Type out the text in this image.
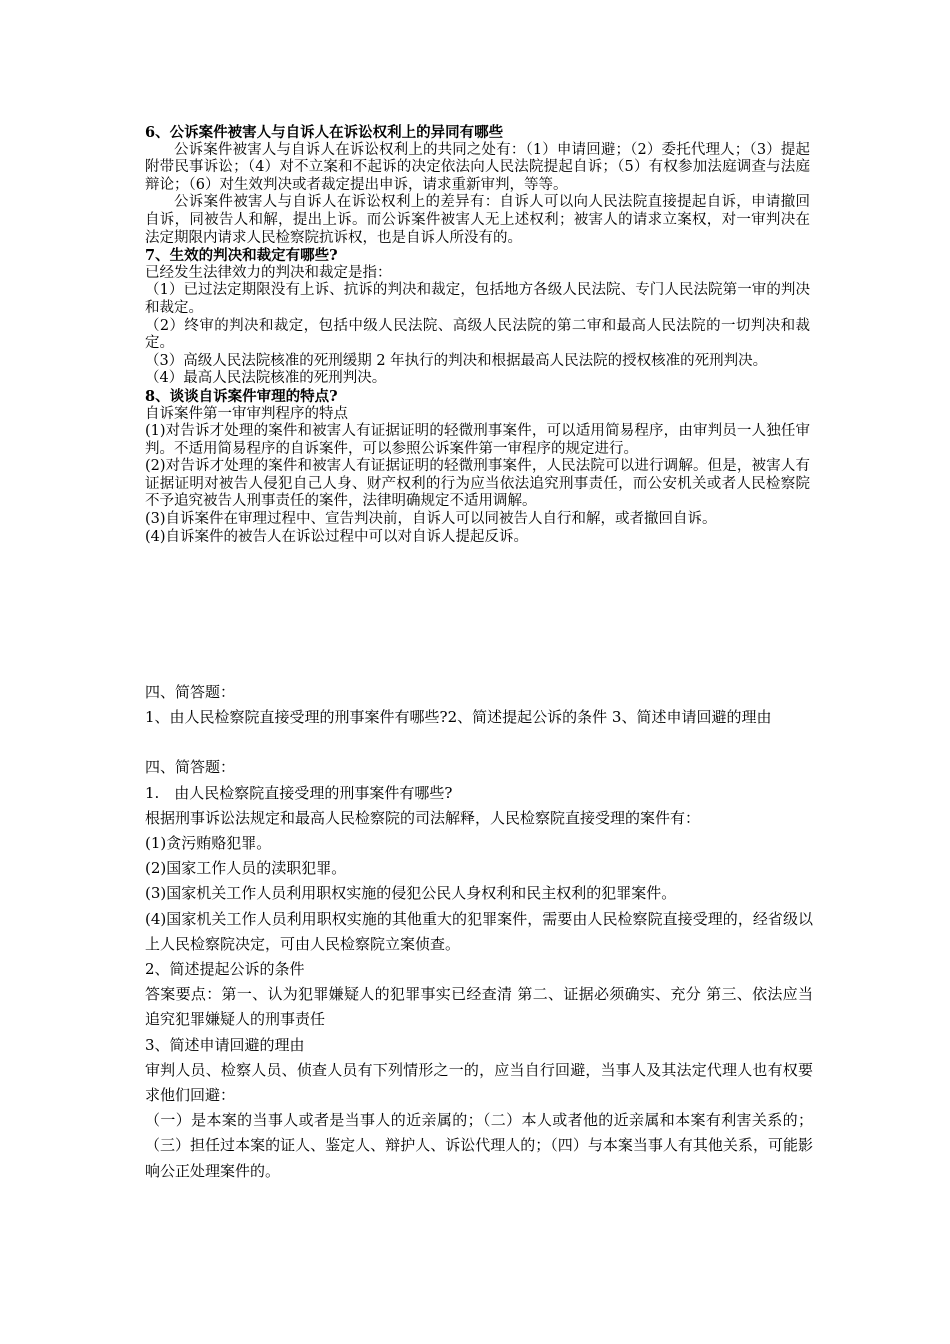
6、公诉案件被害人与自诉人在诉讼权利上的异同有哪些

公诉案件被害人与自诉人在诉讼权利上的共同之处有：（1）申请回避；（2）委托代理人；（3）提起附带民事诉讼；（4）对不立案和不起诉的决定依法向人民法院提起自诉；（5）有权参加法庭调查与法庭辩论；（6）对生效判决或者裁定提出申诉，请求重新审判，等等。

公诉案件被害人与自诉人在诉讼权利上的差异有：自诉人可以向人民法院直接提起自诉，申请撤回自诉，同被告人和解，提出上诉。而公诉案件被害人无上述权利；被害人的请求立案权，对一审判决在法定期限内请求人民检察院抗诉权，也是自诉人所没有的。

7、生效的判决和裁定有哪些?

已经发生法律效力的判决和裁定是指：

（1）已过法定期限没有上诉、抗诉的判决和裁定，包括地方各级人民法院、专门人民法院第一审的判决和裁定。

（2）终审的判决和裁定，包括中级人民法院、高级人民法院的第二审和最高人民法院的一切判决和裁定。

（3）高级人民法院核准的死刑缓期 2 年执行的判决和根据最高人民法院的授权核准的死刑判决。

（4）最高人民法院核准的死刑判决。

8、谈谈自诉案件审理的特点?

自诉案件第一审审判程序的特点

(1)对告诉才处理的案件和被害人有证据证明的轻微刑事案件，可以适用简易程序，由审判员一人独任审判。不适用简易程序的自诉案件，可以参照公诉案件第一审程序的规定进行。

(2)对告诉才处理的案件和被害人有证据证明的轻微刑事案件，人民法院可以进行调解。但是，被害人有证据证明对被告人侵犯自己人身、财产权利的行为应当依法追究刑事责任，而公安机关或者人民检察院不予追究被告人刑事责任的案件，法律明确规定不适用调解。

(3)自诉案件在审理过程中、宣告判决前，自诉人可以同被告人自行和解，或者撤回自诉。

(4)自诉案件的被告人在诉讼过程中可以对自诉人提起反诉。

四、简答题：

1、由人民检察院直接受理的刑事案件有哪些?2、简述提起公诉的条件 3、简述申请回避的理由

四、简答题：

1.　由人民检察院直接受理的刑事案件有哪些?

根据刑事诉讼法规定和最高人民检察院的司法解释，人民检察院直接受理的案件有：

(1)贪污贿赂犯罪。

(2)国家工作人员的渎职犯罪。

(3)国家机关工作人员利用职权实施的侵犯公民人身权利和民主权利的犯罪案件。

(4)国家机关工作人员利用职权实施的其他重大的犯罪案件，需要由人民检察院直接受理的，经省级以上人民检察院决定，可由人民检察院立案侦查。

2、简述提起公诉的条件

答案要点：第一、认为犯罪嫌疑人的犯罪事实已经查清 第二、证据必须确实、充分 第三、依法应当追究犯罪嫌疑人的刑事责任

3、简述申请回避的理由

审判人员、检察人员、侦查人员有下列情形之一的，应当自行回避，当事人及其法定代理人也有权要求他们回避：

（一）是本案的当事人或者是当事人的近亲属的；（二）本人或者他的近亲属和本案有利害关系的；（三）担任过本案的证人、鉴定人、辩护人、诉讼代理人的；（四）与本案当事人有其他关系，可能影响公正处理案件的。
